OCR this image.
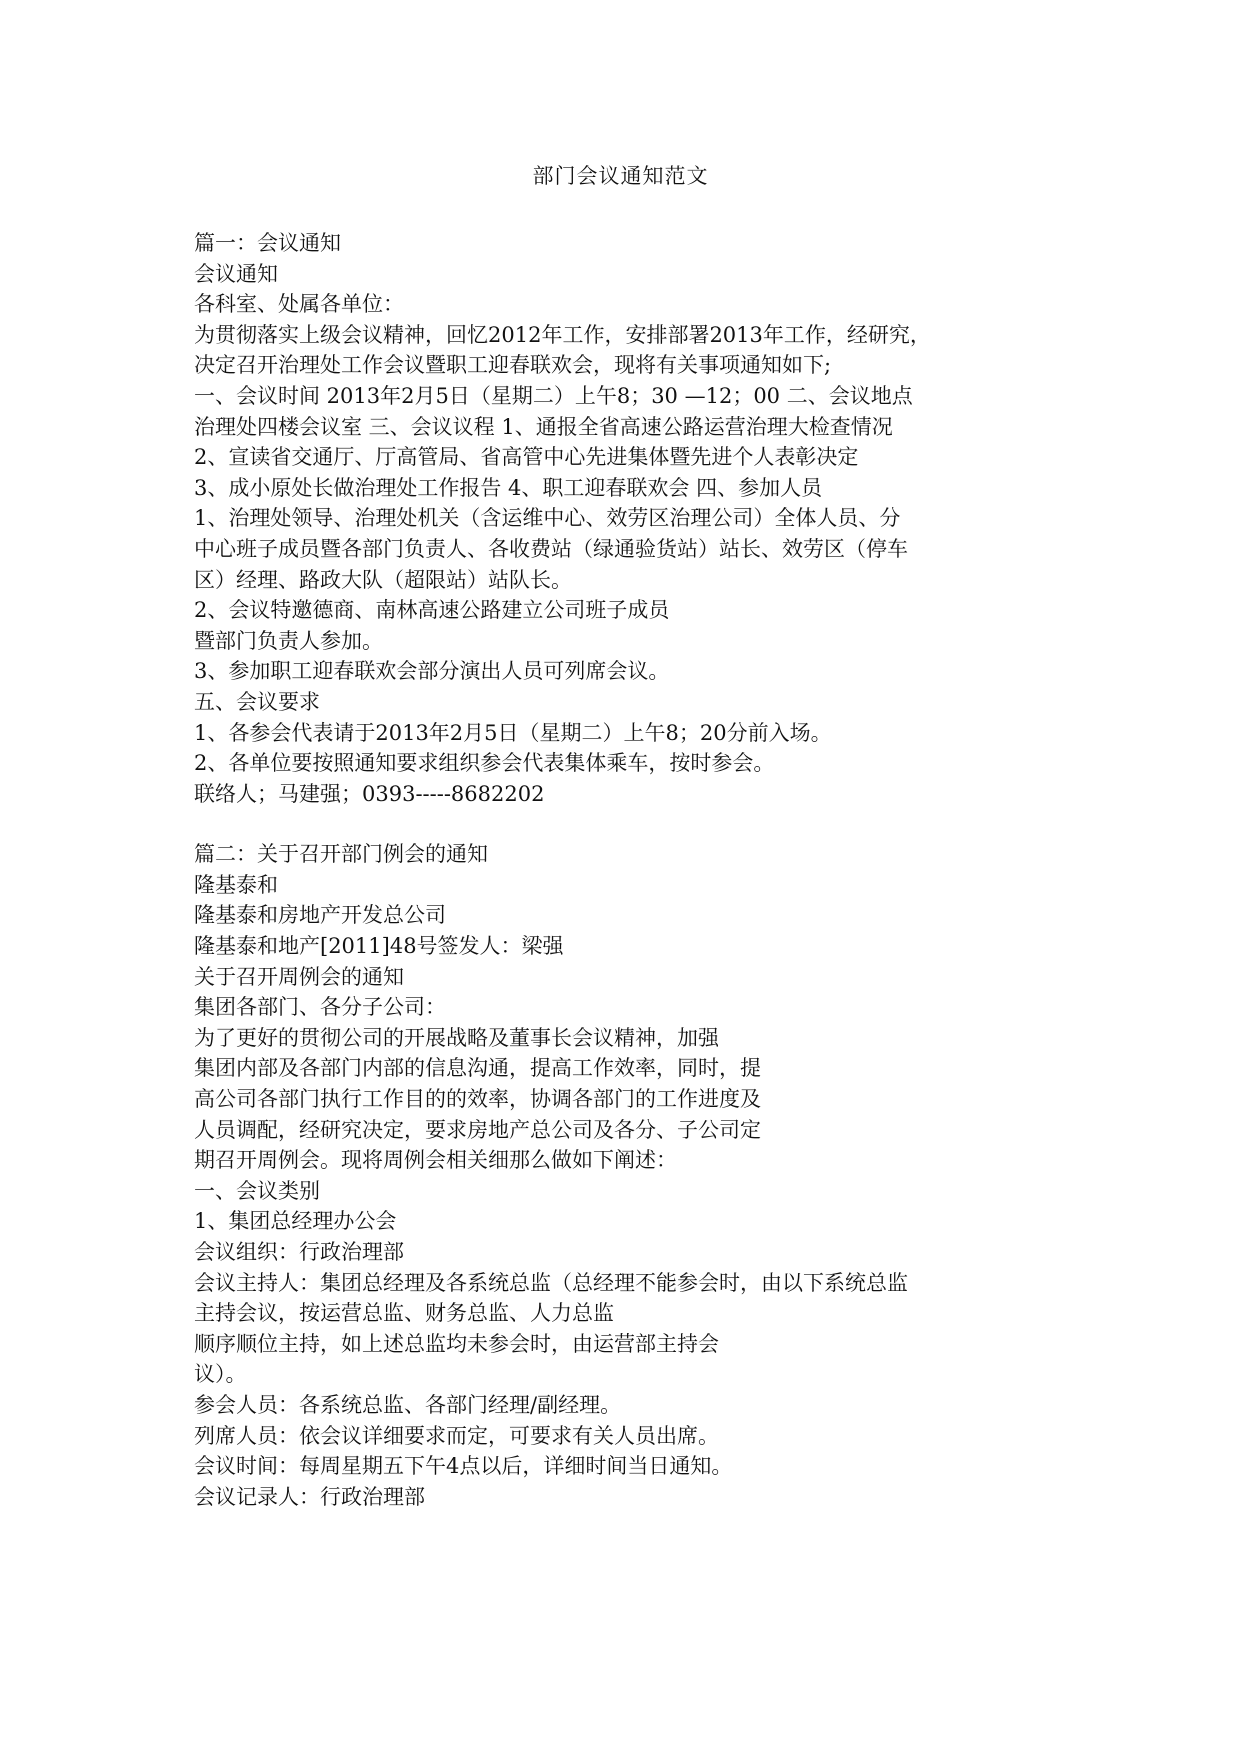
部门会议通知范文
篇一：会议通知
会议通知
各科室、处属各单位：
为贯彻落实上级会议精神，回忆2012年工作，安排部署2013年工作，经研究，
决定召开治理处工作会议暨职工迎春联欢会，现将有关事项通知如下;
一、会议时间 2013年2月5日（星期二）上午8；30 —12；00 二、会议地点
治理处四楼会议室 三、会议议程 1、通报全省高速公路运营治理大检查情况
2、宣读省交通厅、厅高管局、省高管中心先进集体暨先进个人表彰决定
3、成小原处长做治理处工作报告 4、职工迎春联欢会 四、参加人员
1、治理处领导、治理处机关（含运维中心、效劳区治理公司）全体人员、分
中心班子成员暨各部门负责人、各收费站（绿通验货站）站长、效劳区（停车
区）经理、路政大队（超限站）站队长。
2、会议特邀德商、南林高速公路建立公司班子成员
暨部门负责人参加。
3、参加职工迎春联欢会部分演出人员可列席会议。
五、会议要求
1、各参会代表请于2013年2月5日（星期二）上午8；20分前入场。
2、各单位要按照通知要求组织参会代表集体乘车，按时参会。
联络人；马建强；0393-----8682202
篇二：关于召开部门例会的通知
隆基泰和
隆基泰和房地产开发总公司
隆基泰和地产[2011]48号签发人：梁强
关于召开周例会的通知
集团各部门、各分子公司：
为了更好的贯彻公司的开展战略及董事长会议精神，加强
集团内部及各部门内部的信息沟通，提高工作效率，同时，提
高公司各部门执行工作目的的效率，协调各部门的工作进度及
人员调配，经研究决定，要求房地产总公司及各分、子公司定
期召开周例会。现将周例会相关细那么做如下阐述：
一、会议类别
1、集团总经理办公会
会议组织：行政治理部
会议主持人：集团总经理及各系统总监（总经理不能参会时，由以下系统总监
主持会议，按运营总监、财务总监、人力总监
顺序顺位主持，如上述总监均未参会时，由运营部主持会
议）。
参会人员：各系统总监、各部门经理/副经理。
列席人员：依会议详细要求而定，可要求有关人员出席。
会议时间：每周星期五下午4点以后，详细时间当日通知。
会议记录人：行政治理部
